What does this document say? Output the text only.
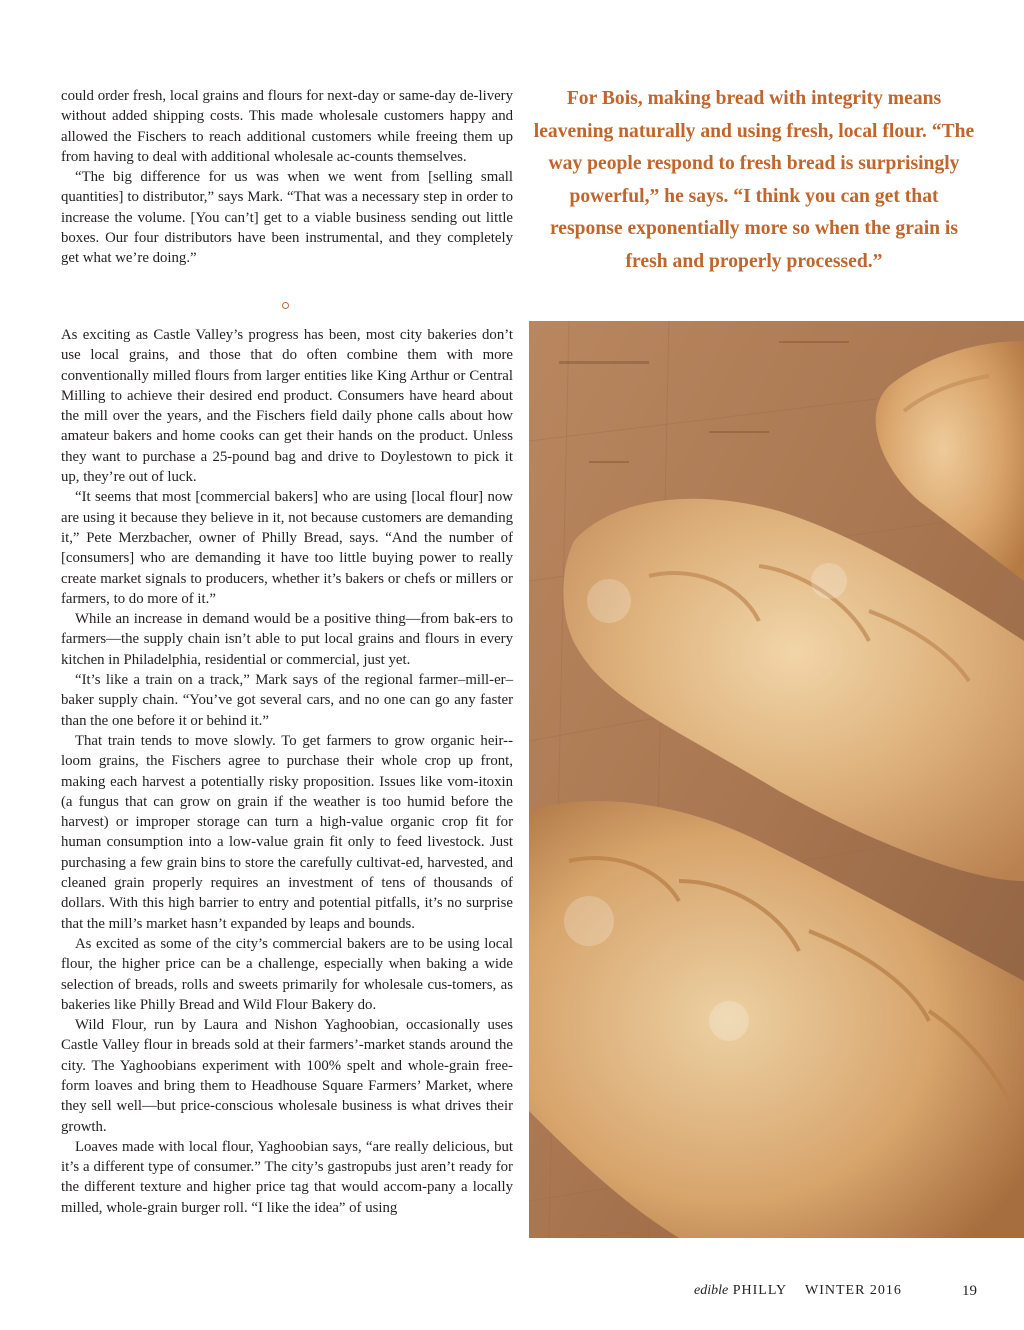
could order fresh, local grains and flours for next-day or same-day de-livery without added shipping costs. This made wholesale customers happy and allowed the Fischers to reach additional customers while freeing them up from having to deal with additional wholesale ac-counts themselves.

“The big difference for us was when we went from [selling small quantities] to distributor,” says Mark. “That was a necessary step in order to increase the volume. [You can’t] get to a viable business sending out little boxes. Our four distributors have been instrumental, and they completely get what we’re doing.”

As exciting as Castle Valley’s progress has been, most city bakeries don’t use local grains, and those that do often combine them with more conventionally milled flours from larger entities like King Arthur or Central Milling to achieve their desired end product. Consumers have heard about the mill over the years, and the Fischers field daily phone calls about how amateur bakers and home cooks can get their hands on the product. Unless they want to purchase a 25-pound bag and drive to Doylestown to pick it up, they’re out of luck.

“It seems that most [commercial bakers] who are using [local flour] now are using it because they believe in it, not because customers are demanding it,” Pete Merzbacher, owner of Philly Bread, says. “And the number of [consumers] who are demanding it have too little buying power to really create market signals to producers, whether it’s bakers or chefs or millers or farmers, to do more of it.”

While an increase in demand would be a positive thing—from bak-ers to farmers—the supply chain isn’t able to put local grains and flours in every kitchen in Philadelphia, residential or commercial, just yet.

“It’s like a train on a track,” Mark says of the regional farmer–mill-er–baker supply chain. “You’ve got several cars, and no one can go any faster than the one before it or behind it.”

That train tends to move slowly. To get farmers to grow organic heir-loom grains, the Fischers agree to purchase their whole crop up front, making each harvest a potentially risky proposition. Issues like vom-itoxin (a fungus that can grow on grain if the weather is too humid before the harvest) or improper storage can turn a high-value organic crop fit for human consumption into a low-value grain fit only to feed livestock. Just purchasing a few grain bins to store the carefully cultivat-ed, harvested, and cleaned grain properly requires an investment of tens of thousands of dollars. With this high barrier to entry and potential pitfalls, it’s no surprise that the mill’s market hasn’t expanded by leaps and bounds.

As excited as some of the city’s commercial bakers are to be using local flour, the higher price can be a challenge, especially when baking a wide selection of breads, rolls and sweets primarily for wholesale cus-tomers, as bakeries like Philly Bread and Wild Flour Bakery do.

Wild Flour, run by Laura and Nishon Yaghoobian, occasionally uses Castle Valley flour in breads sold at their farmers’-market stands around the city. The Yaghoobians experiment with 100% spelt and whole-grain free-form loaves and bring them to Headhouse Square Farmers’ Market, where they sell well—but price-conscious wholesale business is what drives their growth.

Loaves made with local flour, Yaghoobian says, “are really delicious, but it’s a different type of consumer.” The city’s gastropubs just aren’t ready for the different texture and higher price tag that would accom-pany a locally milled, whole-grain burger roll. “I like the idea” of using

For Bois, making bread with integrity means leavening naturally and using fresh, local flour. “The way people respond to fresh bread is surprisingly powerful,” he says. “I think you can get that response exponentially more so when the grain is fresh and properly processed.”

edible PHILLY WINTER 2016	19
